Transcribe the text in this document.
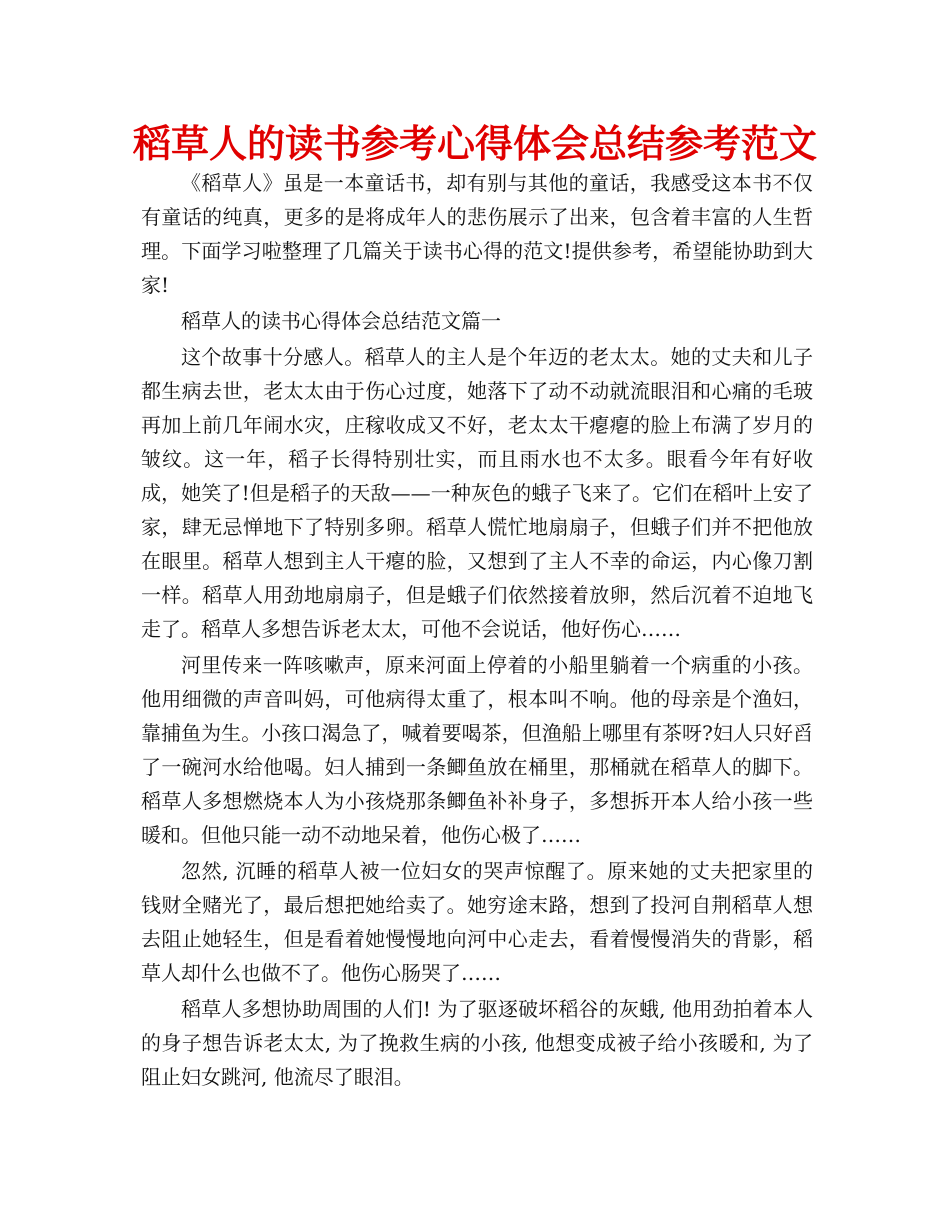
稻草人的读书参考心得体会总结参考范文

《稻草人》虽是一本童话书，却有别与其他的童话，我感受这本书不仅有童话的纯真，更多的是将成年人的悲伤展示了出来，包含着丰富的人生哲理。下面学习啦整理了几篇关于读书心得的范文!提供参考，希望能协助到大家!

稻草人的读书心得体会总结范文篇一

这个故事十分感人。稻草人的主人是个年迈的老太太。她的丈夫和儿子都生病去世，老太太由于伤心过度，她落下了动不动就流眼泪和心痛的毛玻再加上前几年闹水灾，庄稼收成又不好，老太太干瘪瘪的脸上布满了岁月的皱纹。这一年，稻子长得特别壮实，而且雨水也不太多。眼看今年有好收成，她笑了!但是稻子的天敌——一种灰色的蛾子飞来了。它们在稻叶上安了家，肆无忌惮地下了特别多卵。稻草人慌忙地扇扇子，但蛾子们并不把他放在眼里。稻草人想到主人干瘪的脸，又想到了主人不幸的命运，内心像刀割一样。稻草人用劲地扇扇子，但是蛾子们依然接着放卵，然后沉着不迫地飞走了。稻草人多想告诉老太太，可他不会说话，他好伤心……

河里传来一阵咳嗽声，原来河面上停着的小船里躺着一个病重的小孩。他用细微的声音叫妈，可他病得太重了，根本叫不响。他的母亲是个渔妇，靠捕鱼为生。小孩口渴急了，喊着要喝茶，但渔船上哪里有茶呀?妇人只好舀了一碗河水给他喝。妇人捕到一条鲫鱼放在桶里，那桶就在稻草人的脚下。稻草人多想燃烧本人为小孩烧那条鲫鱼补补身子，多想拆开本人给小孩一些暖和。但他只能一动不动地呆着，他伤心极了……

忽然, 沉睡的稻草人被一位妇女的哭声惊醒了。原来她的丈夫把家里的钱财全赌光了，最后想把她给卖了。她穷途末路，想到了投河自荆稻草人想去阻止她轻生，但是看着她慢慢地向河中心走去，看着慢慢消失的背影，稻草人却什么也做不了。他伤心肠哭了……

稻草人多想协助周围的人们! 为了驱逐破坏稻谷的灰蛾, 他用劲拍着本人的身子想告诉老太太, 为了挽救生病的小孩, 他想变成被子给小孩暖和, 为了阻止妇女跳河, 他流尽了眼泪。
